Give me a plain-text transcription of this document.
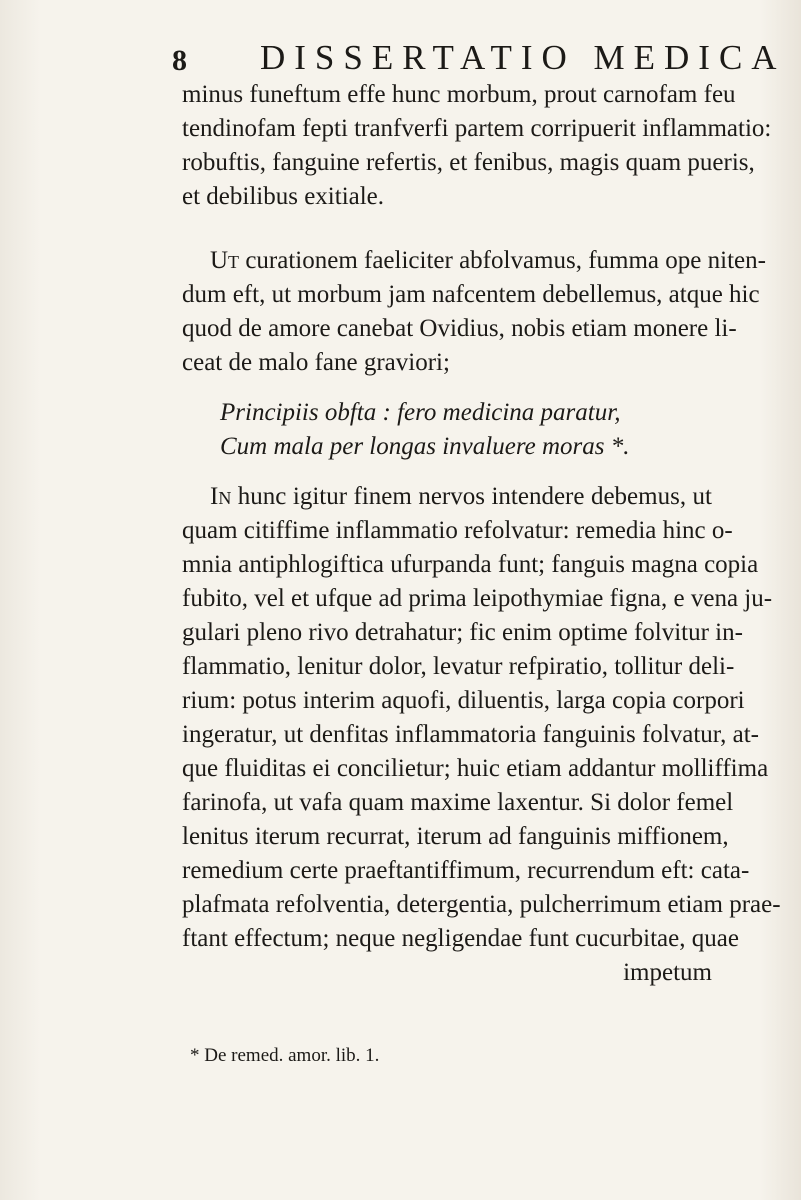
8 DISSERTATIO MEDICA
minus funeftum effe hunc morbum, prout carnofam feu
tendinofam fepti tranfverfi partem corripuerit inflammatio:
robuftis, fanguine refertis, et fenibus, magis quam pueris,
et debilibus exitiale.
Ut curationem faeliciter abfolvamus, fumma ope niten-
dum eft, ut morbum jam nafcentem debellemus, atque hic
quod de amore canebat Ovidius, nobis etiam monere li-
ceat de malo fane graviori;
Principiis obfta : fero medicina paratur,
Cum mala per longas invaluere moras *.
In hunc igitur finem nervos intendere debemus, ut
quam citiffime inflammatio refolvatur: remedia hinc o-
mnia antiphlogiftica ufurpanda funt; fanguis magna copia
fubito, vel et ufque ad prima leipothymiae figna, e vena ju-
gulari pleno rivo detrahatur; fic enim optime folvitur in-
flammatio, lenitur dolor, levatur refpiratio, tollitur deli-
rium: potus interim aquofi, diluentis, larga copia corpori
ingeratur, ut denfitas inflammatoria fanguinis folvatur, at-
que fluiditas ei concilietur; huic etiam addantur molliffima
farinofa, ut vafa quam maxime laxentur. Si dolor femel
lenitus iterum recurrat, iterum ad fanguinis miffionem,
remedium certe praeftantiffimum, recurrendum eft: cata-
plafmata refolventia, detergentia, pulcherrimum etiam prae-
ftant effectum; neque negligendae funt cucurbitae, quae
impetum
* De remed. amor. lib. 1.
